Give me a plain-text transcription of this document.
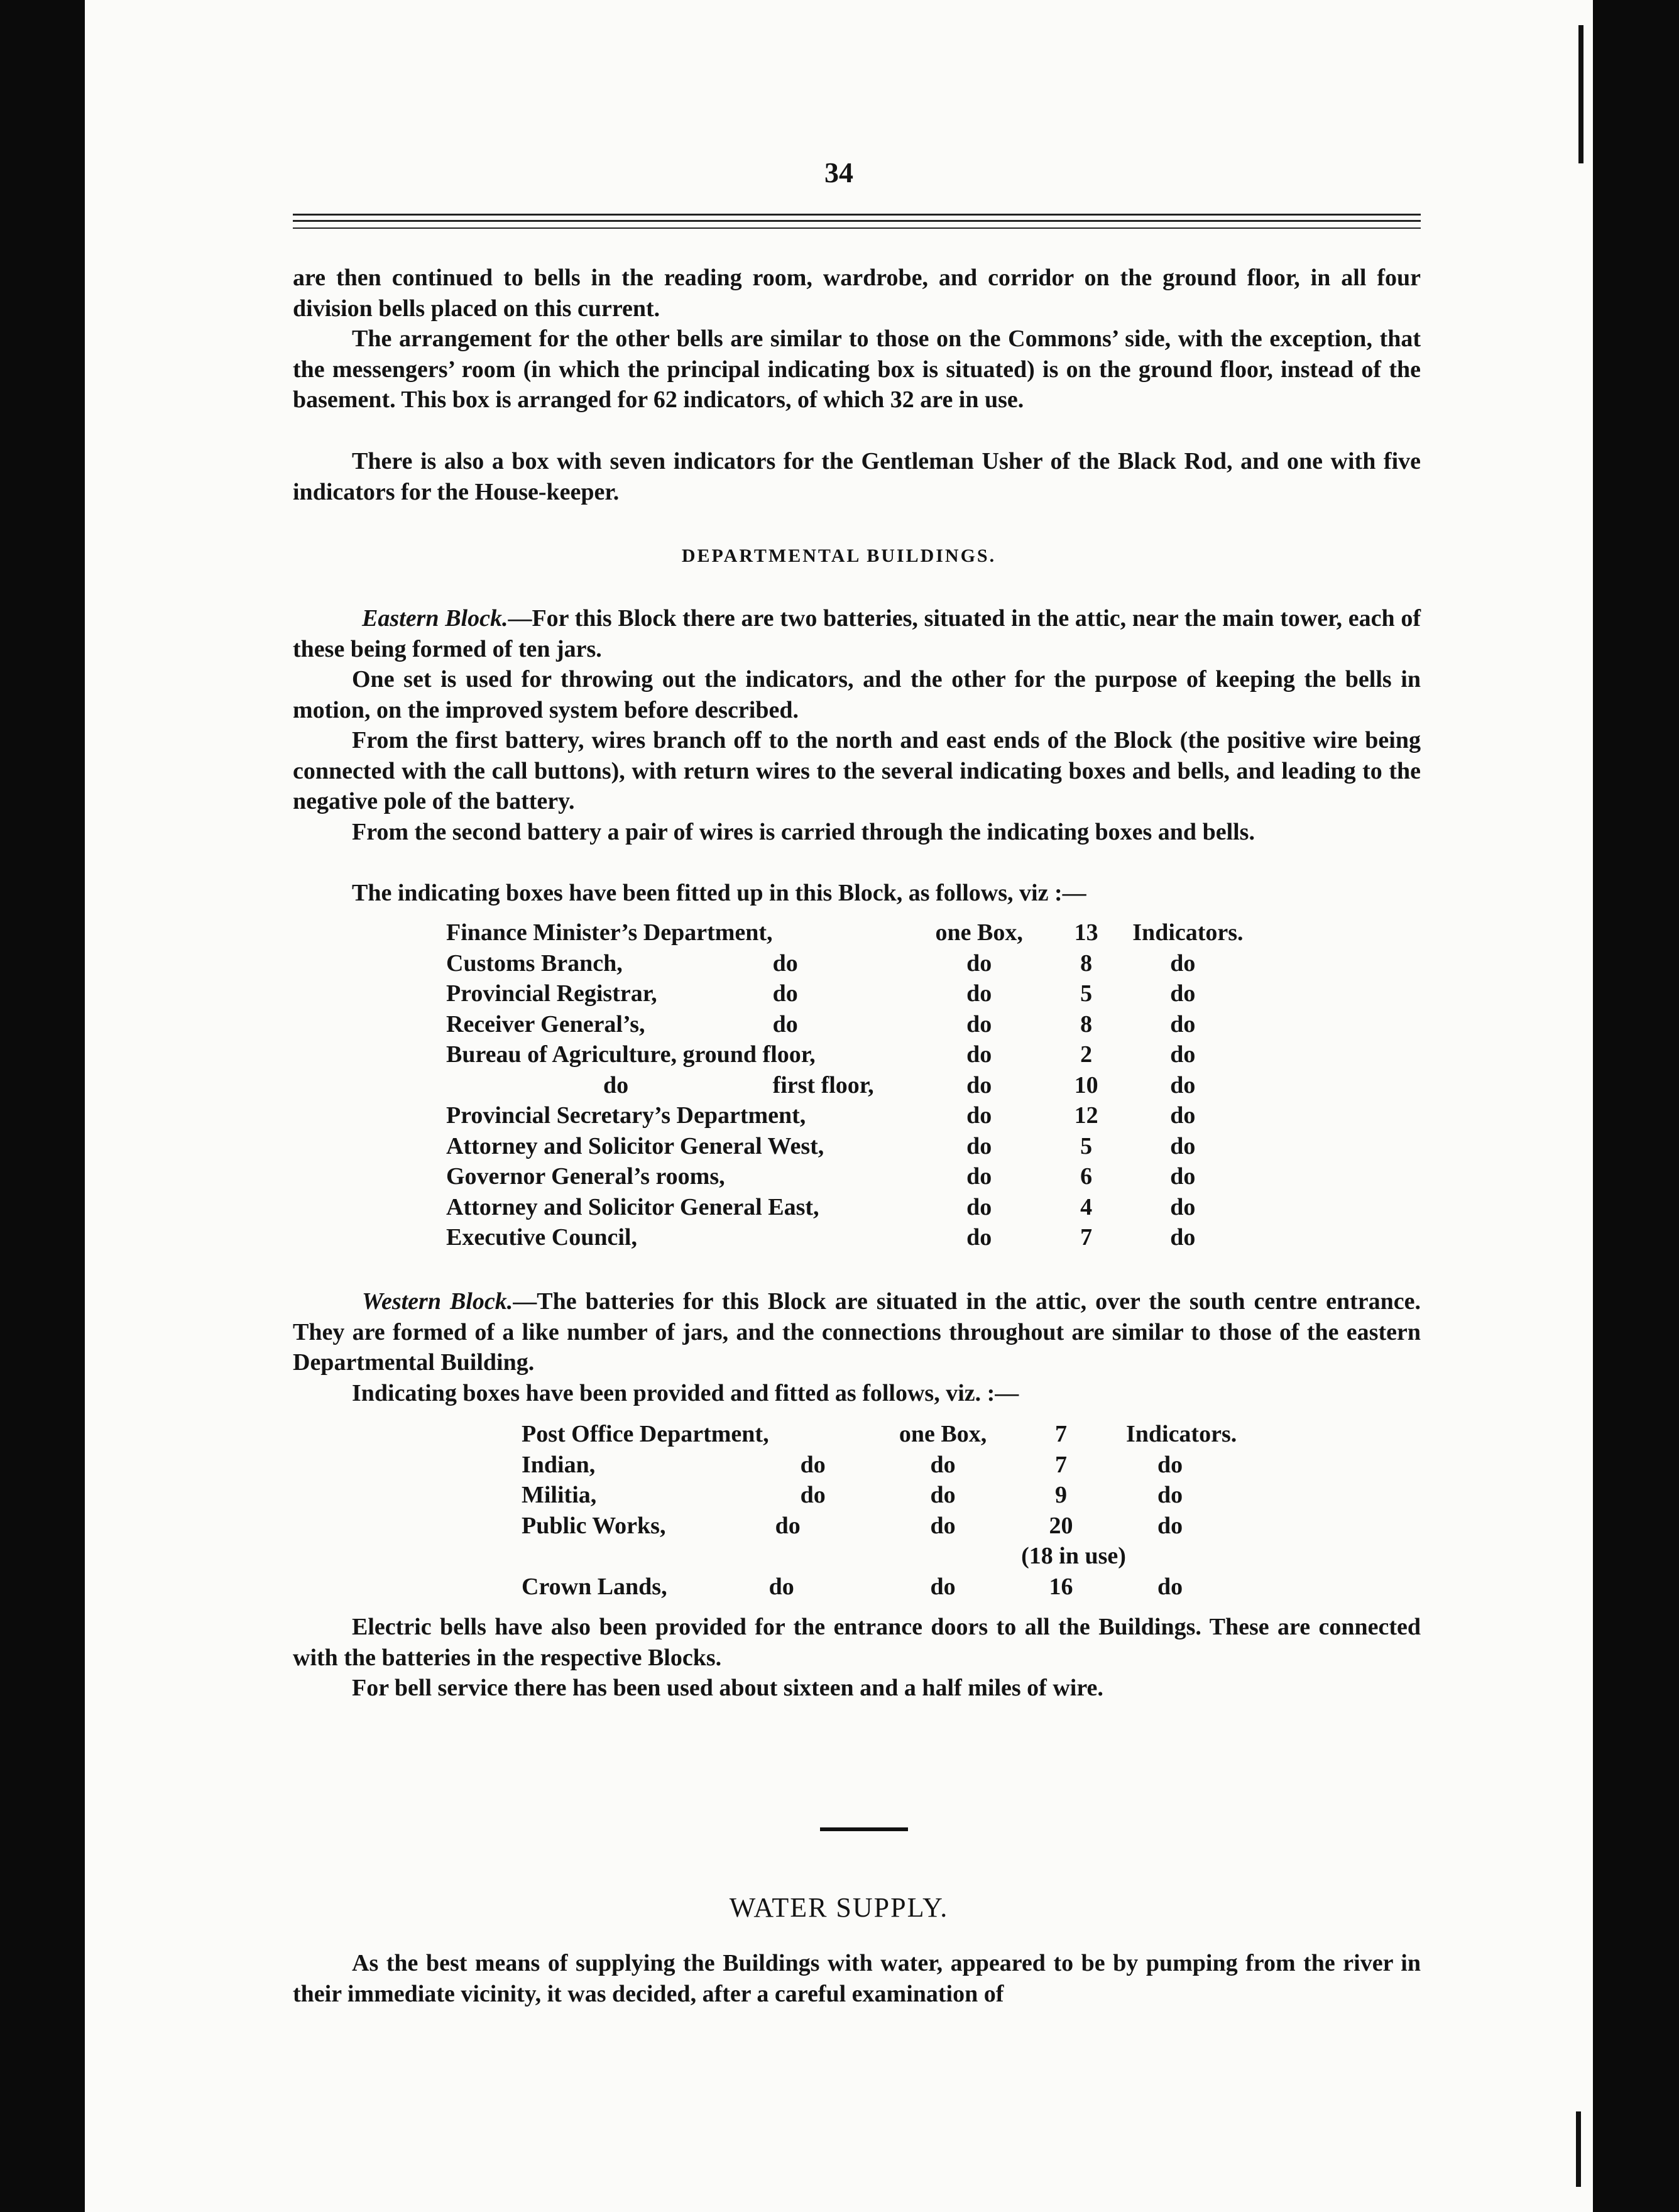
34

are then continued to bells in the reading room, wardrobe, and corridor on the ground floor, in all four division bells placed on this current.

The arrangement for the other bells are similar to those on the Commons’ side, with the exception, that the messengers’ room (in which the principal indicating box is situated) is on the ground floor, instead of the basement. This box is arranged for 62 indicators, of which 32 are in use.

There is also a box with seven indicators for the Gentleman Usher of the Black Rod, and one with five indicators for the House-keeper.

DEPARTMENTAL BUILDINGS.

Eastern Block.—For this Block there are two batteries, situated in the attic, near the main tower, each of these being formed of ten jars.

One set is used for throwing out the indicators, and the other for the purpose of keeping the bells in motion, on the improved system before described.

From the first battery, wires branch off to the north and east ends of the Block (the positive wire being connected with the call buttons), with return wires to the several indicating boxes and bells, and leading to the negative pole of the battery.

From the second battery a pair of wires is carried through the indicating boxes and bells.

The indicating boxes have been fitted up in this Block, as follows, viz :—

Finance Minister’s Department,		one Box,	13	Indicators.
Customs Branch,	do	do	8	do
Provincial Registrar,	do	do	5	do
Receiver General’s,	do	do	8	do
Bureau of Agriculture, ground floor,		do	2	do
do	first floor,	do	10	do
Provincial Secretary’s Department,		do	12	do
Attorney and Solicitor General West,		do	5	do
Governor General’s rooms,		do	6	do
Attorney and Solicitor General East,		do	4	do
Executive Council,		do	7	do

Western Block.—The batteries for this Block are situated in the attic, over the south centre entrance. They are formed of a like number of jars, and the connections throughout are similar to those of the eastern Departmental Building.

Indicating boxes have been provided and fitted as follows, viz. :—

Post Office Department,		one Box,	7	Indicators.
Indian,	do	do	7	do
Militia,	do	do	9	do
Public Works,	do	do	20	do
			(18 in use)	
Crown Lands,	do	do	16	do

Electric bells have also been provided for the entrance doors to all the Buildings. These are connected with the batteries in the respective Blocks.

For bell service there has been used about sixteen and a half miles of wire.

WATER SUPPLY.

As the best means of supplying the Buildings with water, appeared to be by pumping from the river in their immediate vicinity, it was decided, after a careful examination of
